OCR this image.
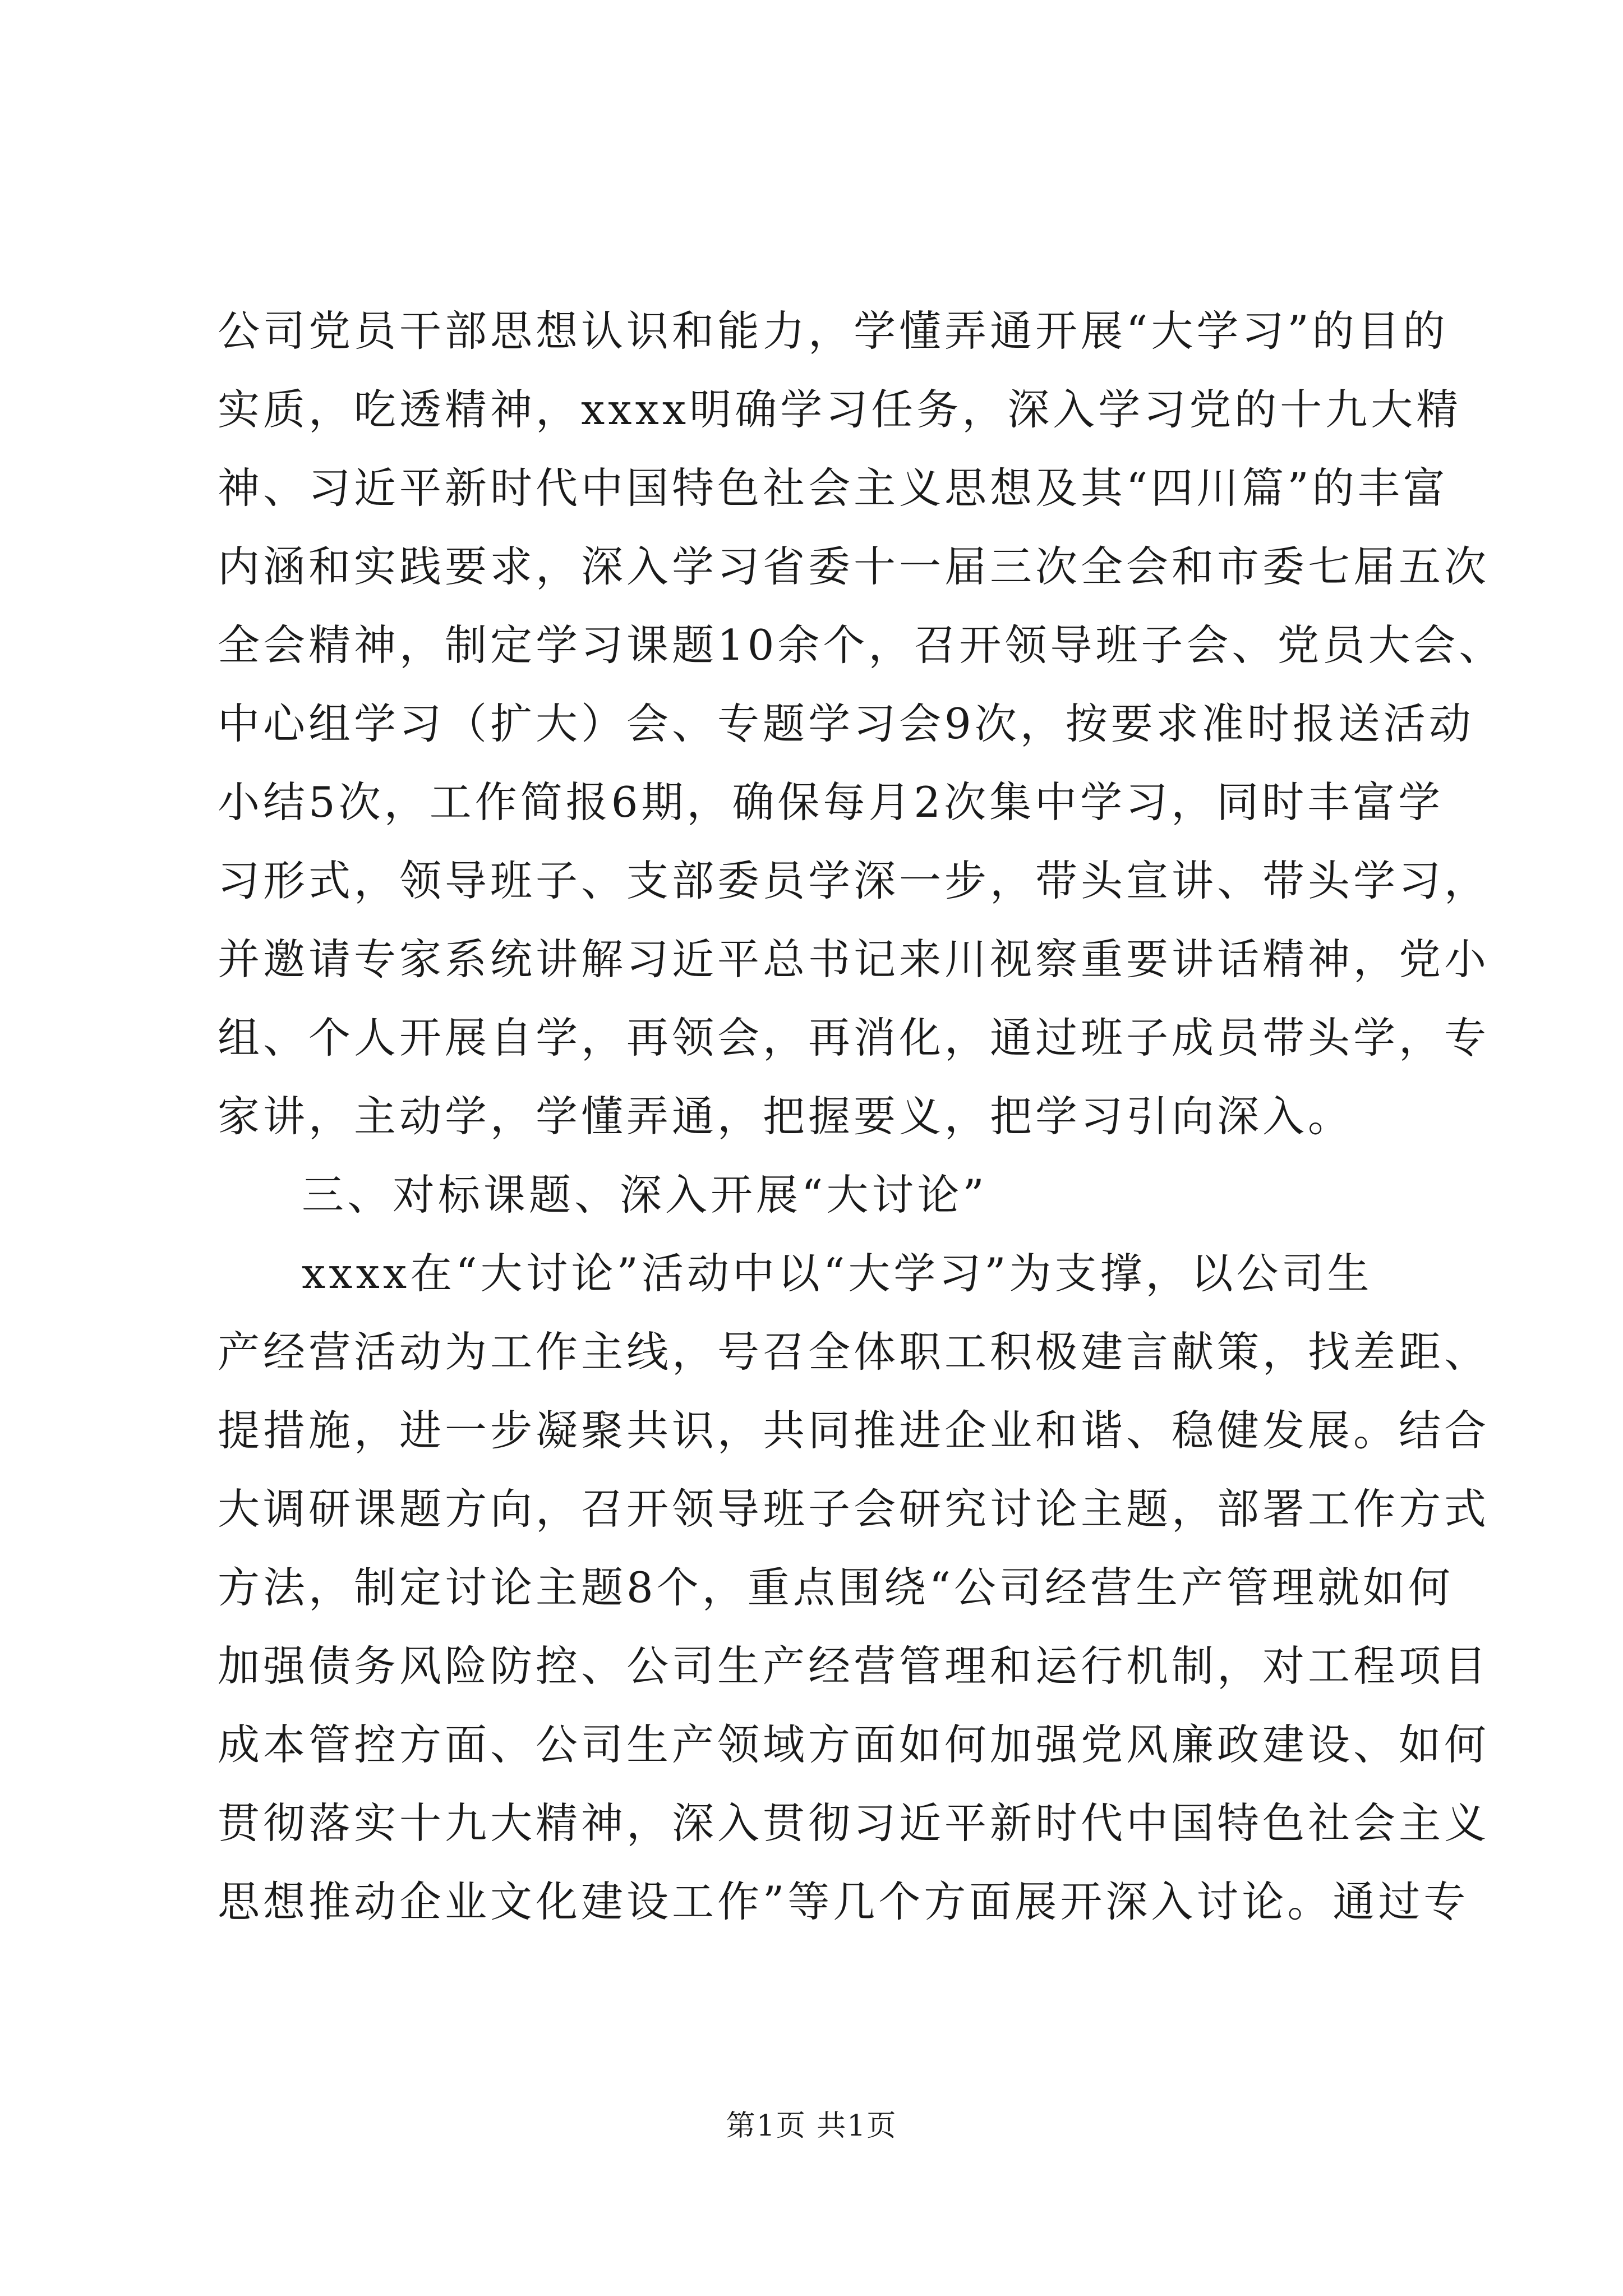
公司党员干部思想认识和能力，学懂弄通开展“大学习”的目的
实质，吃透精神，xxxx明确学习任务，深入学习党的十九大精
神、习近平新时代中国特色社会主义思想及其“四川篇”的丰富
内涵和实践要求，深入学习省委十一届三次全会和市委七届五次
全会精神，制定学习课题10余个，召开领导班子会、党员大会、
中心组学习（扩大）会、专题学习会9次，按要求准时报送活动
小结5次，工作简报6期，确保每月2次集中学习，同时丰富学
习形式，领导班子、支部委员学深一步，带头宣讲、带头学习，
并邀请专家系统讲解习近平总书记来川视察重要讲话精神，党小
组、个人开展自学，再领会，再消化，通过班子成员带头学，专
家讲，主动学，学懂弄通，把握要义，把学习引向深入。
三、对标课题、深入开展“大讨论”
xxxx在“大讨论”活动中以“大学习”为支撑，以公司生
产经营活动为工作主线，号召全体职工积极建言献策，找差距、
提措施，进一步凝聚共识，共同推进企业和谐、稳健发展。结合
大调研课题方向，召开领导班子会研究讨论主题，部署工作方式
方法，制定讨论主题8个，重点围绕“公司经营生产管理就如何
加强债务风险防控、公司生产经营管理和运行机制，对工程项目
成本管控方面、公司生产领域方面如何加强党风廉政建设、如何
贯彻落实十九大精神，深入贯彻习近平新时代中国特色社会主义
思想推动企业文化建设工作”等几个方面展开深入讨论。通过专
第1页 共1页
